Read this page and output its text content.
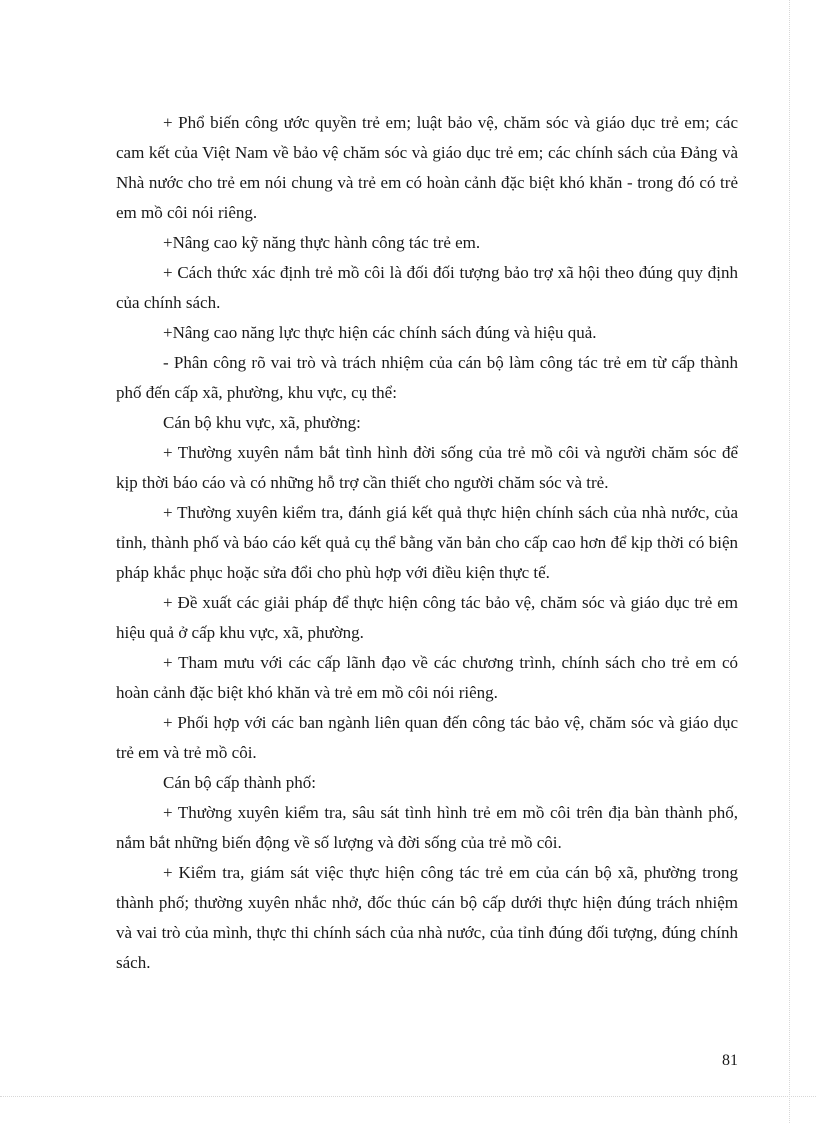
+ Phổ biến công ước quyền trẻ em; luật bảo vệ, chăm sóc và giáo dục trẻ em; các cam kết của Việt Nam về bảo vệ chăm sóc và giáo dục trẻ em; các chính sách của Đảng và Nhà nước cho trẻ em nói chung và trẻ em có hoàn cảnh đặc biệt khó khăn - trong đó có trẻ em mồ côi nói riêng.

+Nâng cao kỹ năng thực hành công tác trẻ em.

+ Cách thức xác định trẻ mồ côi là đối đối tượng bảo trợ xã hội theo đúng quy định của chính sách.

+Nâng cao năng lực thực hiện các chính sách đúng và hiệu quả.

- Phân công rõ vai trò và trách nhiệm của cán bộ làm công tác trẻ em từ cấp thành phố đến cấp xã, phường, khu vực, cụ thể:

Cán bộ khu vực, xã, phường:

+ Thường xuyên nắm bắt tình hình đời sống của trẻ mồ côi và người chăm sóc để kịp thời báo cáo và có những hỗ trợ cần thiết cho người chăm sóc và trẻ.

+ Thường xuyên kiểm tra, đánh giá kết quả thực hiện chính sách của nhà nước, của tỉnh, thành phố và báo cáo kết quả cụ thể bằng văn bản cho cấp cao hơn để kịp thời có biện pháp khắc phục hoặc sửa đổi cho phù hợp với điều kiện thực tế.

+ Đề xuất các giải pháp để thực hiện công tác bảo vệ, chăm sóc và giáo dục trẻ em hiệu quả ở cấp khu vực, xã, phường.

+ Tham mưu với các cấp lãnh đạo về các chương trình, chính sách cho trẻ em có hoàn cảnh đặc biệt khó khăn và trẻ em mồ côi nói riêng.

+ Phối hợp với các ban ngành liên quan đến công tác bảo vệ, chăm sóc và giáo dục trẻ em và trẻ mồ côi.

Cán bộ cấp thành phố:

+ Thường xuyên kiểm tra, sâu sát tình hình trẻ em mồ côi trên địa bàn thành phố, nắm bắt những biến động về số lượng và đời sống của trẻ mồ côi.

+ Kiểm tra, giám sát việc thực hiện công tác trẻ em của cán bộ xã, phường trong thành phố; thường xuyên nhắc nhở, đốc thúc cán bộ cấp dưới thực hiện đúng trách nhiệm và vai trò của mình, thực thi chính sách của nhà nước, của tỉnh đúng đối tượng, đúng chính sách.

81
